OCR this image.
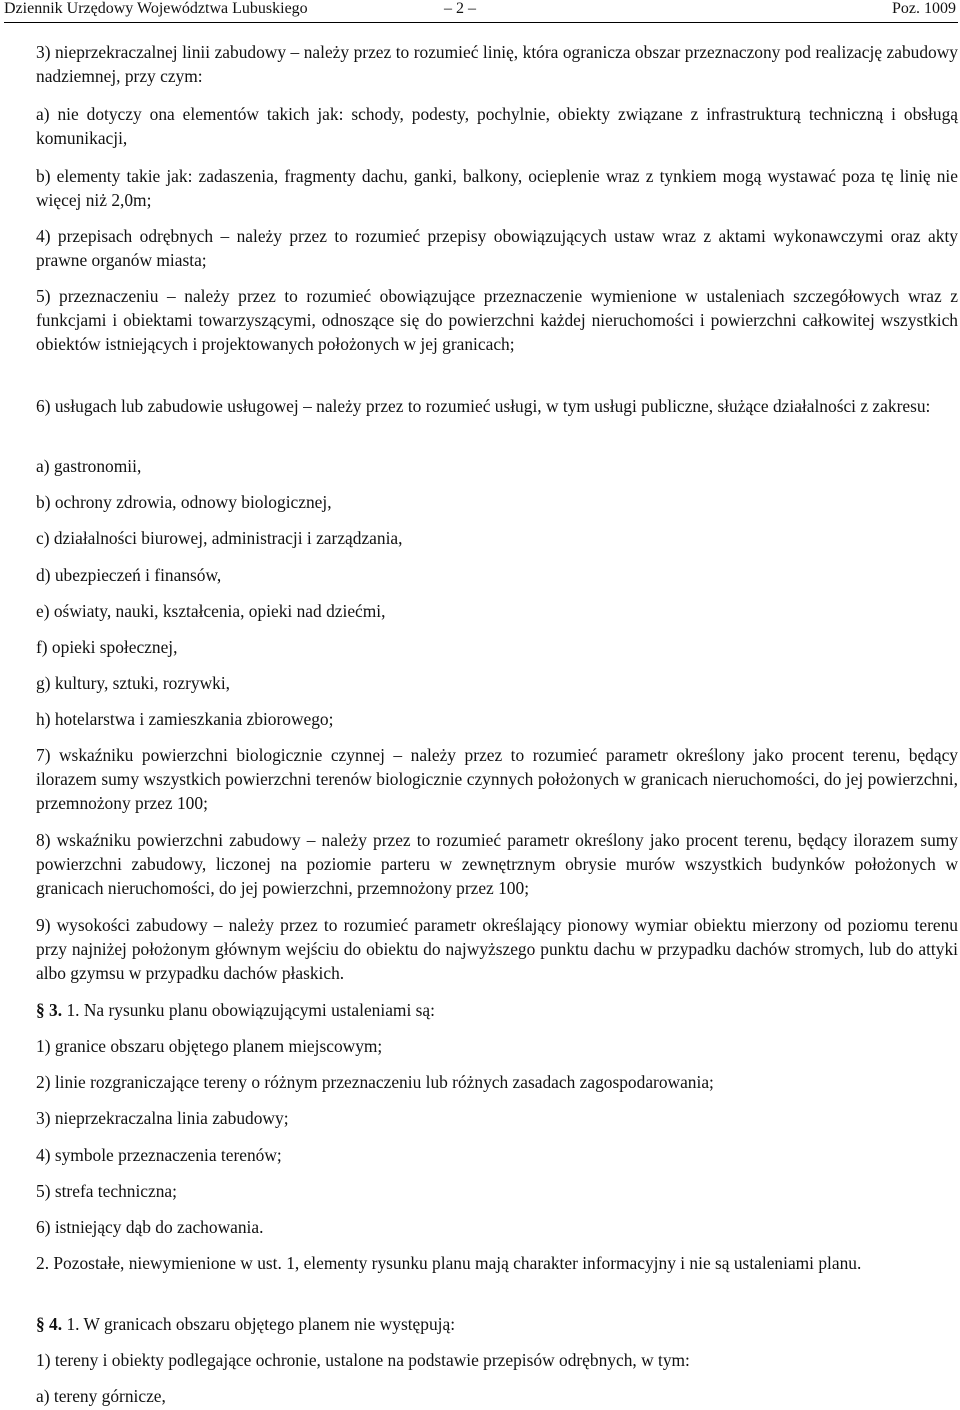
Dziennik Urzędowy Województwa Lubuskiego	– 2 –	Poz. 1009

3) nieprzekraczalnej linii zabudowy – należy przez to rozumieć linię, która ogranicza obszar przeznaczony pod realizację zabudowy nadziemnej, przy czym:

a) nie dotyczy ona elementów takich jak: schody, podesty, pochylnie, obiekty związane z infrastrukturą techniczną i obsługą komunikacji,

b) elementy takie jak: zadaszenia, fragmenty dachu, ganki, balkony, ocieplenie wraz z tynkiem mogą wystawać poza tę linię nie więcej niż 2,0m;

4) przepisach odrębnych – należy przez to rozumieć przepisy obowiązujących ustaw wraz z aktami wykonawczymi oraz akty prawne organów miasta;

5) przeznaczeniu – należy przez to rozumieć obowiązujące przeznaczenie wymienione w ustaleniach szczegółowych wraz z funkcjami i obiektami towarzyszącymi, odnoszące się do powierzchni każdej nieruchomości i powierzchni całkowitej wszystkich obiektów istniejących i projektowanych położonych w jej granicach;

6) usługach lub zabudowie usługowej – należy przez to rozumieć usługi, w tym usługi publiczne, służące działalności z zakresu:

a) gastronomii,

b) ochrony zdrowia, odnowy biologicznej,

c) działalności biurowej, administracji i zarządzania,

d) ubezpieczeń i finansów,

e) oświaty, nauki, kształcenia, opieki nad dziećmi,

f) opieki społecznej,

g) kultury, sztuki, rozrywki,

h) hotelarstwa i zamieszkania zbiorowego;

7) wskaźniku powierzchni biologicznie czynnej – należy przez to rozumieć parametr określony jako procent terenu, będący ilorazem sumy wszystkich powierzchni terenów biologicznie czynnych położonych w granicach nieruchomości, do jej powierzchni, przemnożony przez 100;

8) wskaźniku powierzchni zabudowy – należy przez to rozumieć parametr określony jako procent terenu, będący ilorazem sumy powierzchni zabudowy, liczonej na poziomie parteru w zewnętrznym obrysie murów wszystkich budynków położonych w granicach nieruchomości, do jej powierzchni, przemnożony przez 100;

9) wysokości zabudowy – należy przez to rozumieć parametr określający pionowy wymiar obiektu mierzony od poziomu terenu przy najniżej położonym głównym wejściu do obiektu do najwyższego punktu dachu w przypadku dachów stromych, lub do attyki albo gzymsu w przypadku dachów płaskich.

§ 3. 1. Na rysunku planu obowiązującymi ustaleniami są:

1) granice obszaru objętego planem miejscowym;

2) linie rozgraniczające tereny o różnym przeznaczeniu lub różnych zasadach zagospodarowania;

3) nieprzekraczalna linia zabudowy;

4) symbole przeznaczenia terenów;

5) strefa techniczna;

6) istniejący dąb do zachowania.

2. Pozostałe, niewymienione w ust. 1, elementy rysunku planu mają charakter informacyjny i nie są ustaleniami planu.

§ 4. 1. W granicach obszaru objętego planem nie występują:

1) tereny i obiekty podlegające ochronie, ustalone na podstawie przepisów odrębnych, w tym:

a) tereny górnicze,
